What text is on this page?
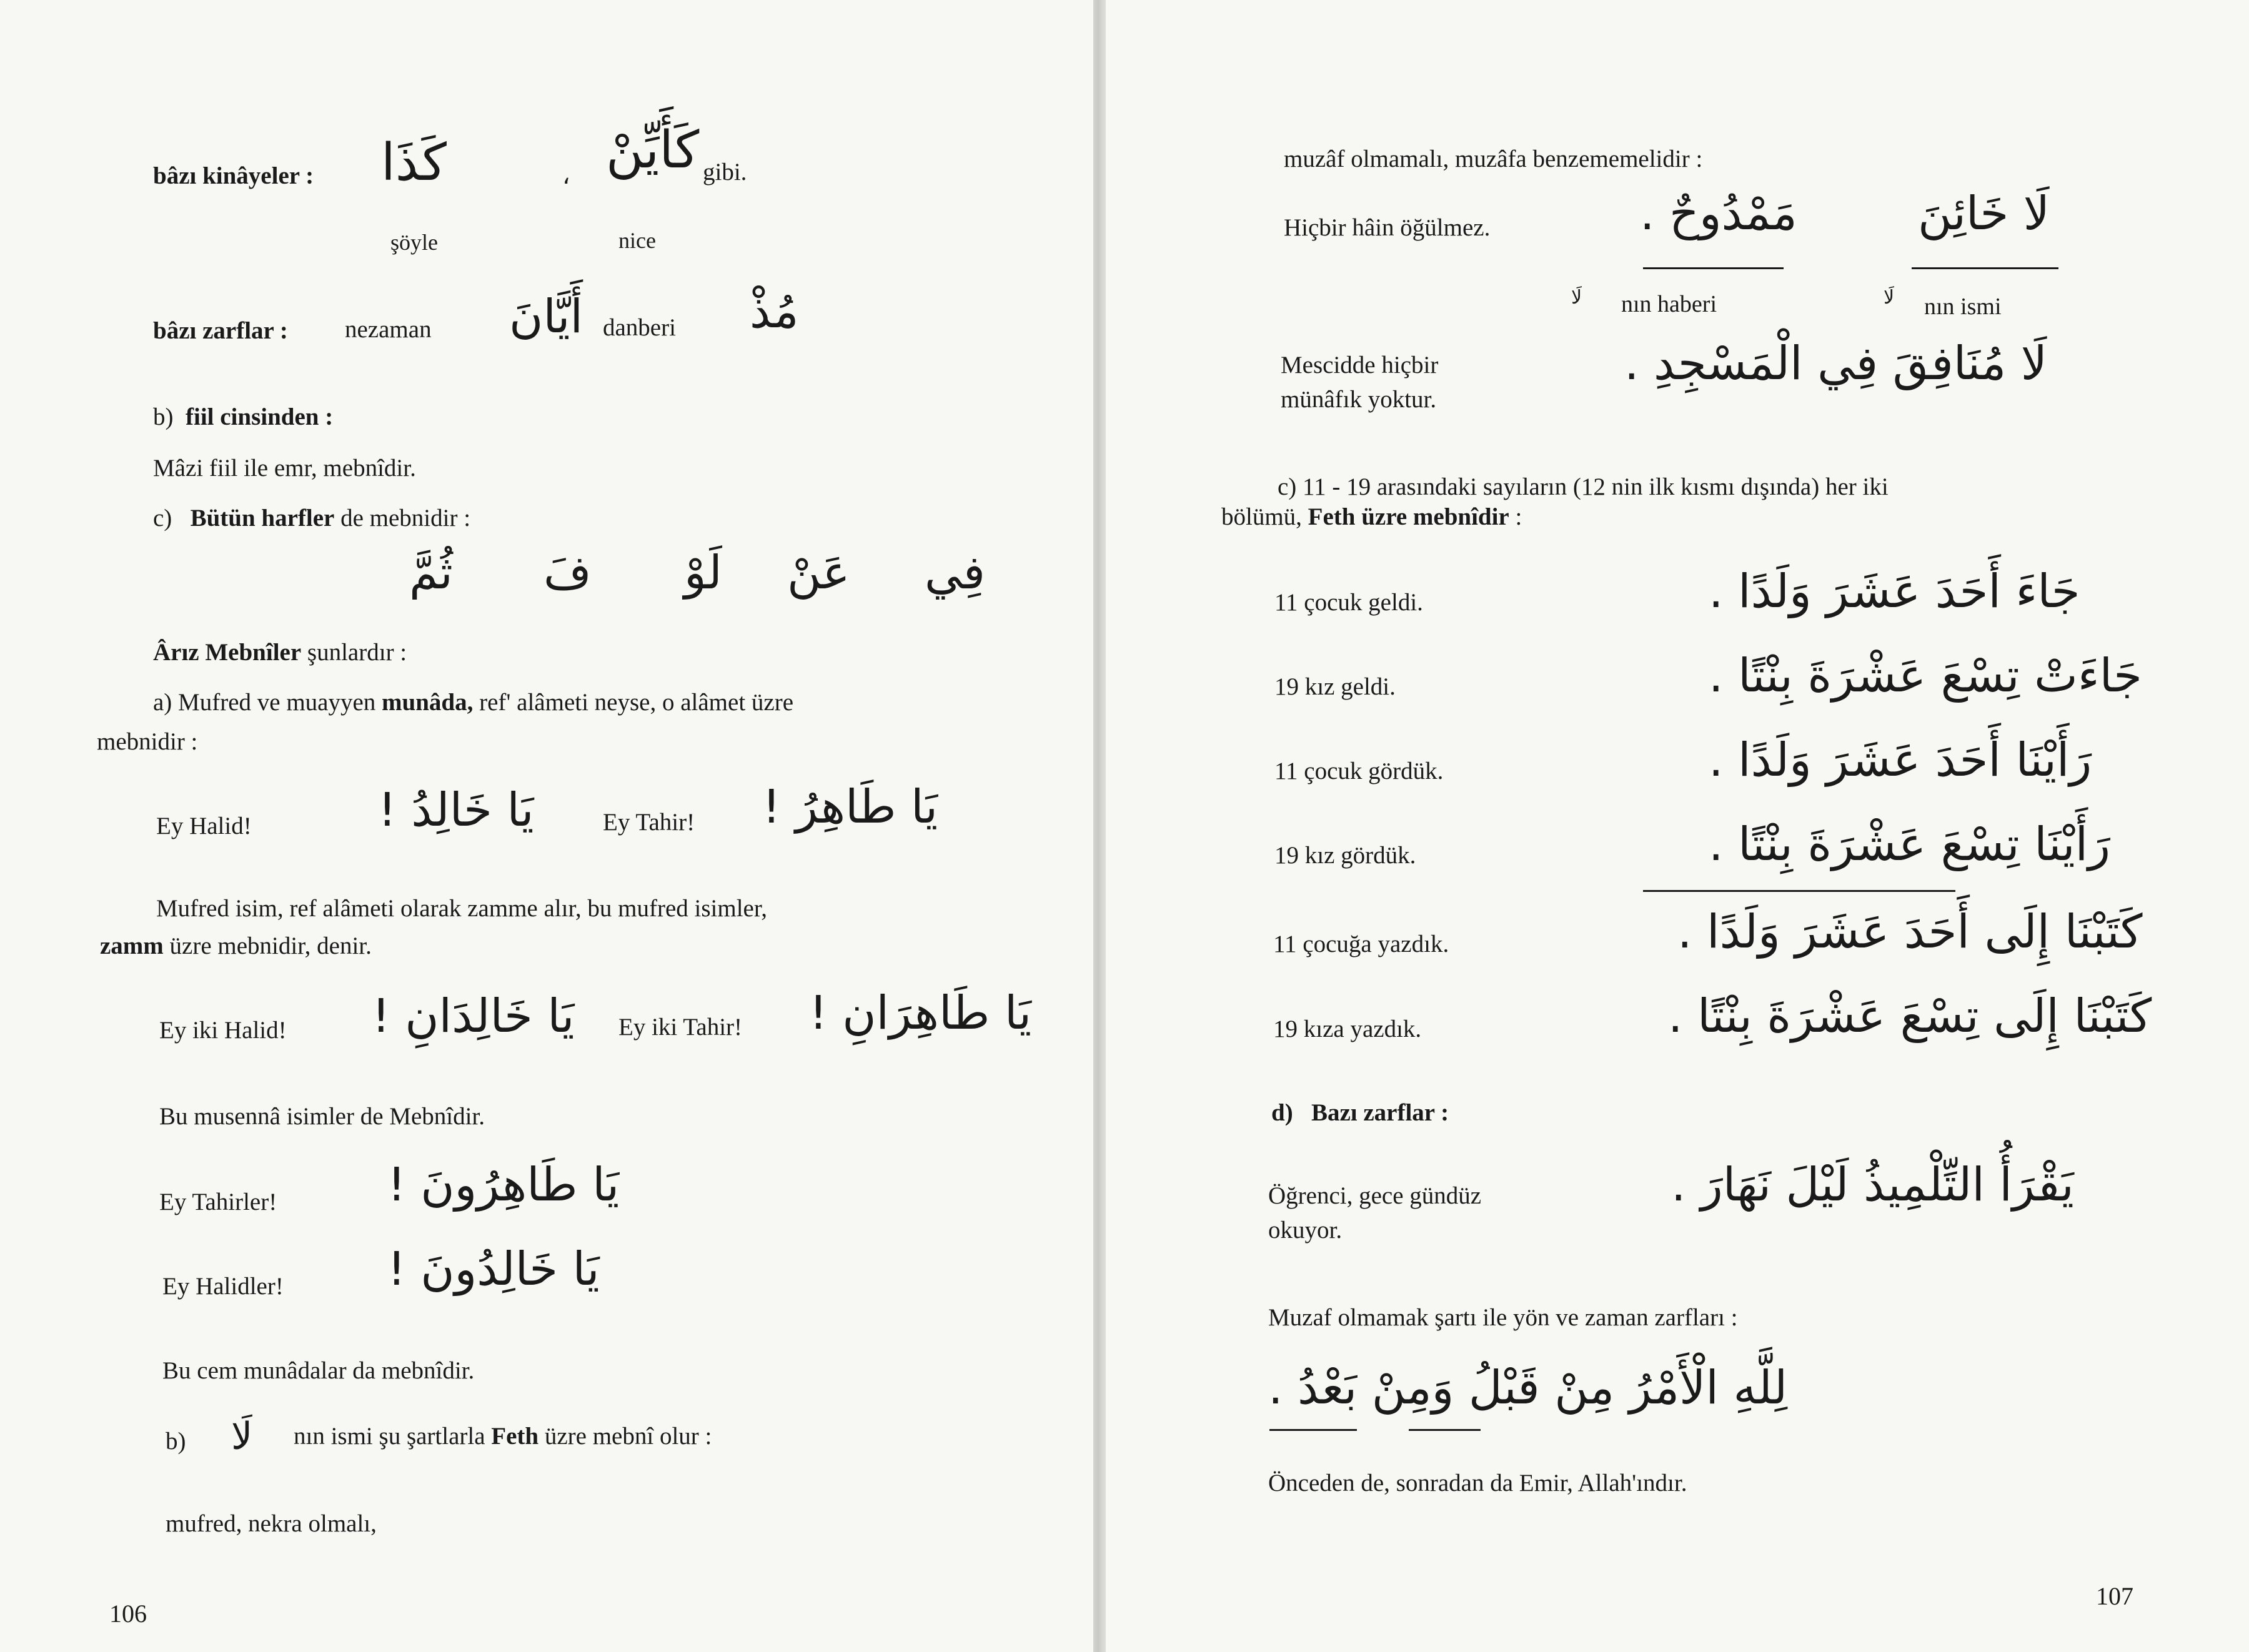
bâzı kinâyeler : كَذَا	، كَأَيِّنْ gibi.
şöyle	nice
bâzı zarflar : nezaman أَيَّانَ danberi مُذْ
b) fiil cinsinden :
Mâzi fiil ile emr, mebnîdir.
c) Bütün harfler de mebnidir :
فِي
عَنْ
لَوْ
فَ
ثُمَّ
Ârız Mebnîler şunlardır :
a) Mufred ve muayyen munâda, ref' alâmeti neyse, o alâmet üzre
mebnidir :
Ey Halid!	يَا خَالِدُ !	Ey Tahir! يَا طَاهِرُ !
Mufred isim, ref alâmeti olarak zamme alır, bu mufred isimler,
zamm üzre mebnidir, denir.
Ey iki Halid! يَا خَالِدَانِ ! Ey iki Tahir! يَا طَاهِرَانِ !
Bu musennâ isimler de Mebnîdir.
Ey Tahirler! يَا طَاهِرُونَ !
Ey Halidler! يَا خَالِدُونَ !
Bu cem munâdalar da mebnîdir.
b) لَا nın ismi şu şartlarla Feth üzre mebnî olur :
mufred, nekra olmalı,
106
muzâf olmamalı, muzâfa benzememelidir :
Hiçbir hâin öğülmez.	مَمْدُوحٌ .	لَا خَائِنَ
لَا nın haberi	لَا nın ismi
Mescidde hiçbir
münâfık yoktur.
لَا مُنَافِقَ فِي الْمَسْجِدِ .
c) 11 - 19 arasındaki sayıların (12 nin ilk kısmı dışında) her iki
bölümü, Feth üzre mebnîdir :
11 çocuk geldi.	جَاءَ أَحَدَ عَشَرَ وَلَدًا .
19 kız geldi.	جَاءَتْ تِسْعَ عَشْرَةَ بِنْتًا .
11 çocuk gördük.	رَأَيْنَا أَحَدَ عَشَرَ وَلَدًا .
19 kız gördük.	رَأَيْنَا تِسْعَ عَشْرَةَ بِنْتًا .
11 çocuğa yazdık.	كَتَبْنَا إِلَى أَحَدَ عَشَرَ وَلَدًا .
19 kıza yazdık.	كَتَبْنَا إِلَى تِسْعَ عَشْرَةَ بِنْتًا .
d) Bazı zarflar :
Öğrenci, gece gündüz
okuyor.
يَقْرَأُ التِّلْمِيذُ لَيْلَ نَهَارَ .
Muzaf olmamak şartı ile yön ve zaman zarfları :
لِلَّهِ الْأَمْرُ مِنْ قَبْلُ وَمِنْ بَعْدُ .
Önceden de, sonradan da Emir, Allah'ındır.
107
